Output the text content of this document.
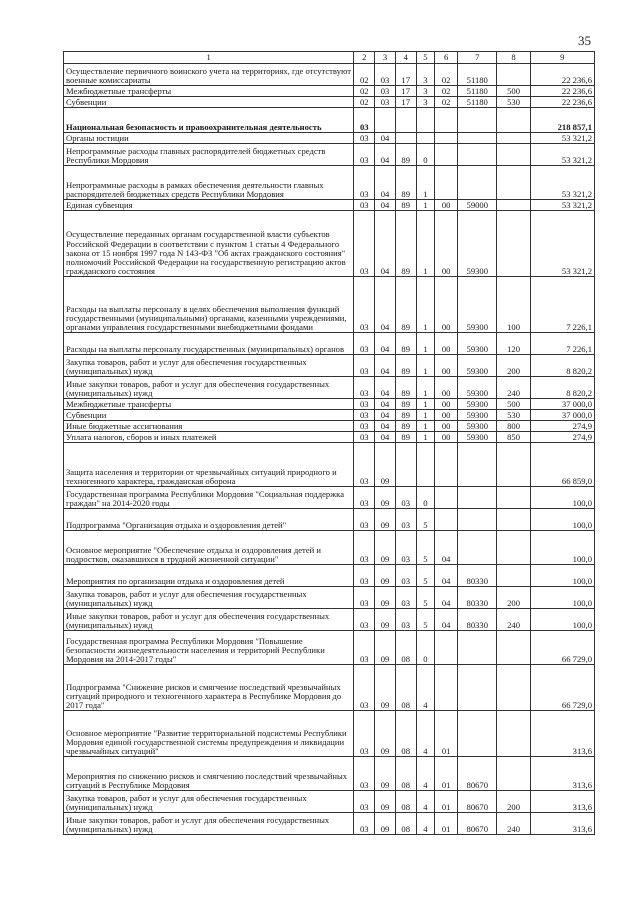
35
1	2	3	4	5	6	7	8	9
Осуществление первичного воинского учета на территориях, где отсутствуют военные комиссариаты	02	03	17	3	02	51180		22 236,6
Межбюджетные трансферты	02	03	17	3	02	51180	500	22 236,6
Субвенции	02	03	17	3	02	51180	530	22 236,6
Национальная безопасность и правоохранительная деятельность	03							218 857,1
Органы юстиции	03	04						53 321,2
Непрограммные расходы главных распорядителей бюджетных средств Республики Мордовия	03	04	89	0				53 321,2
Непрограммные расходы в рамках обеспечения деятельности главных распорядителей бюджетных средств Республики Мордовия	03	04	89	1				53 321,2
Единая субвенция	03	04	89	1	00	59000		53 321,2
Осуществление переданных органам государственной власти субъектов Российской Федерации в соответствии с пунктом 1 статьи 4 Федерального закона от 15 ноября 1997 года N 143-ФЗ "Об актах гражданского состояния" полномочий Российской Федерации на государственную регистрацию актов гражданского состояния	03	04	89	1	00	59300		53 321,2
Расходы на выплаты персоналу в целях обеспечения выполнения функций государственными (муниципальными) органами, казенными учреждениями, органами управления государственными внебюджетными фондами	03	04	89	1	00	59300	100	7 226,1
Расходы на выплаты персоналу государственных (муниципальных) органов	03	04	89	1	00	59300	120	7 226,1
Закупка товаров, работ и услуг для обеспечения государственных (муниципальных) нужд	03	04	89	1	00	59300	200	8 820,2
Иные закупки товаров, работ и услуг для обеспечения государственных (муниципальных) нужд	03	04	89	1	00	59300	240	8 820,2
Межбюджетные трансферты	03	04	89	1	00	59300	500	37 000,0
Субвенции	03	04	89	1	00	59300	530	37 000,0
Иные бюджетные ассигнования	03	04	89	1	00	59300	800	274,9
Уплата налогов, сборов и иных платежей	03	04	89	1	00	59300	850	274,9
Защита населения и территории от чрезвычайных ситуаций природного и техногенного характера, гражданская оборона	03	09						66 859,0
Государственная программа Республики Мордовия "Социальная поддержка граждан" на 2014-2020 годы	03	09	03	0				100,0
Подпрограмма "Организация отдыха и оздоровления детей"	03	09	03	5				100,0
Основное мероприятие "Обеспечение отдыха и оздоровления детей и подростков, оказавшихся в трудной жизненной ситуации"	03	09	03	5	04			100,0
Мероприятия по организации отдыха и оздоровления детей	03	09	03	5	04	80330		100,0
Закупка товаров, работ и услуг для обеспечения государственных (муниципальных) нужд	03	09	03	5	04	80330	200	100,0
Иные закупки товаров, работ и услуг для обеспечения государственных (муниципальных) нужд	03	09	03	5	04	80330	240	100,0
Государственная программа Республики Мордовия "Повышение безопасности жизнедеятельности населения и территорий Республики Мордовия на 2014-2017 годы"	03	09	08	0				66 729,0
Подпрограмма "Снижение рисков и смягчение последствий чрезвычайных ситуаций природного и техногенного характера в Республике Мордовия до 2017 года"	03	09	08	4				66 729,0
Основное мероприятие "Развитие территориальной подсистемы Республики Мордовия единой государственной системы предупреждения и ликвидации чрезвычайных ситуаций"	03	09	08	4	01			313,6
Мероприятия по снижению рисков и смягчению последствий чрезвычайных ситуаций в Республике Мордовия	03	09	08	4	01	80670		313,6
Закупка товаров, работ и услуг для обеспечения государственных (муниципальных) нужд	03	09	08	4	01	80670	200	313,6
Иные закупки товаров, работ и услуг для обеспечения государственных (муниципальных) нужд	03	09	08	4	01	80670	240	313,6
